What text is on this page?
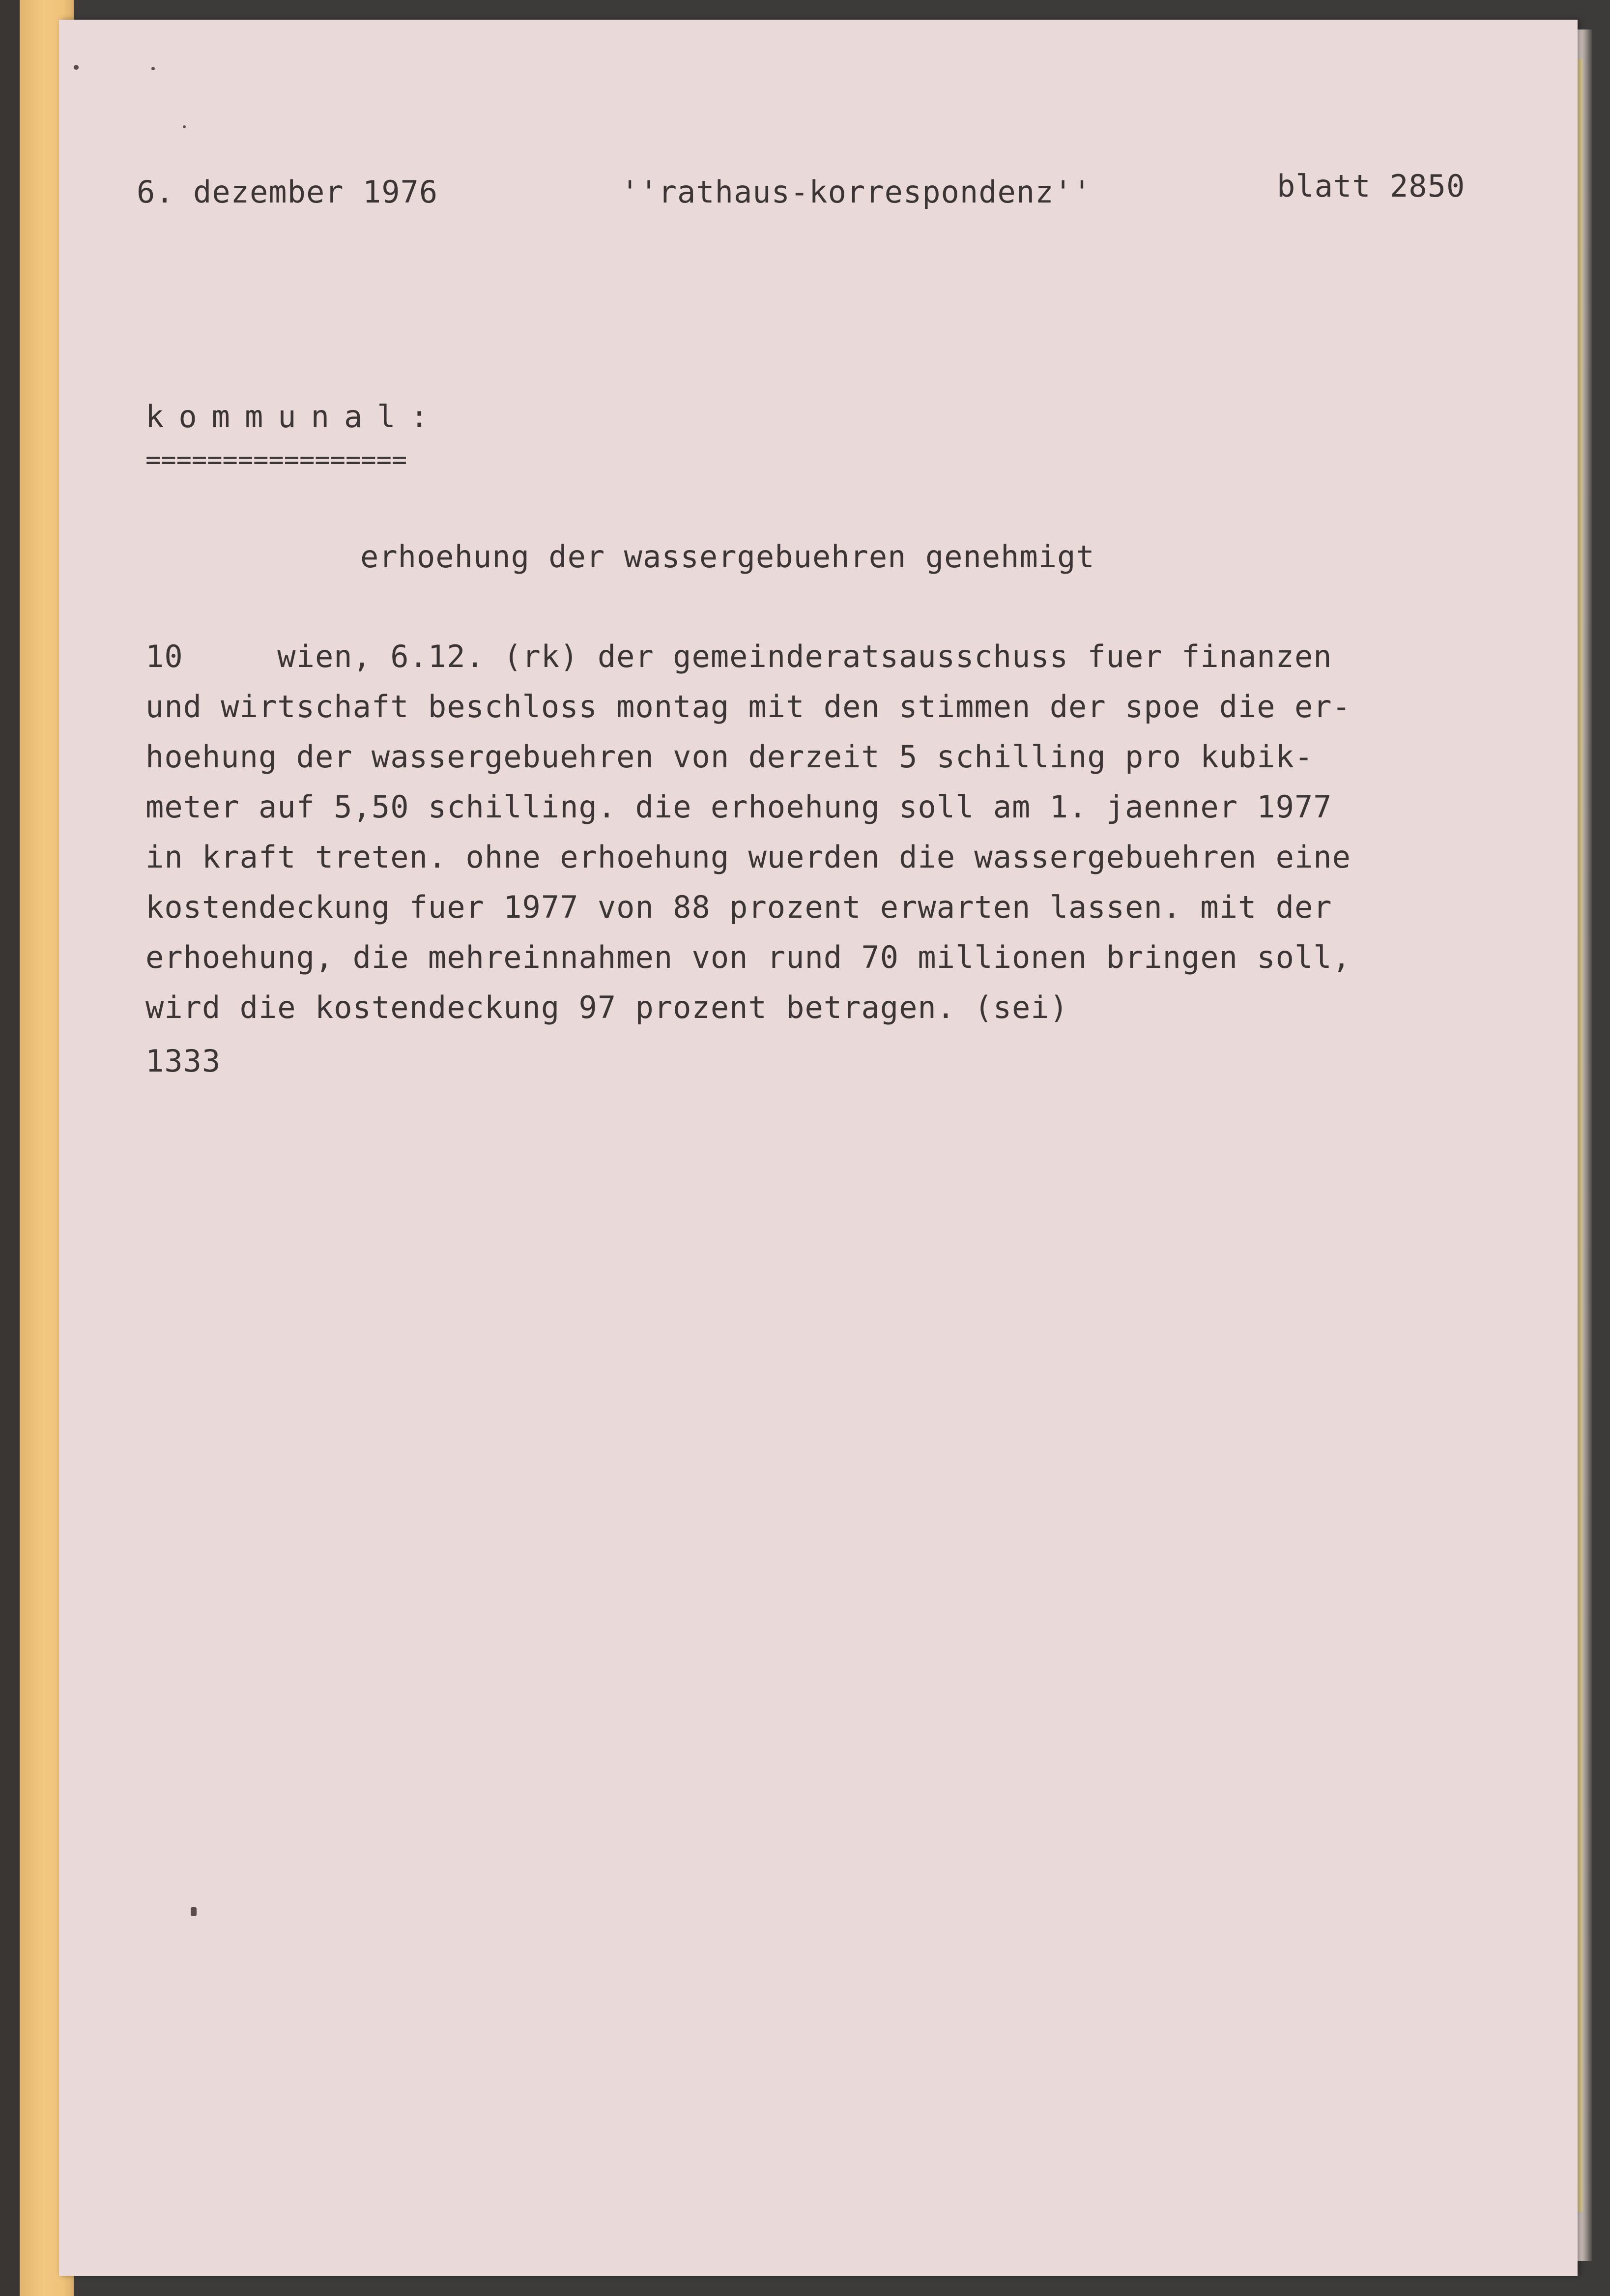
6. dezember 1976	''rathaus-korrespondenz''	blatt 2850

kommunal:

=================

erhoehung der wassergebuehren genehmigt

10     wien, 6.12. (rk) der gemeinderatsausschuss fuer finanzen

und wirtschaft beschloss montag mit den stimmen der spoe die er-

hoehung der wassergebuehren von derzeit 5 schilling pro kubik-

meter auf 5,50 schilling. die erhoehung soll am 1. jaenner 1977

in kraft treten. ohne erhoehung wuerden die wassergebuehren eine

kostendeckung fuer 1977 von 88 prozent erwarten lassen. mit der

erhoehung, die mehreinnahmen von rund 70 millionen bringen soll,

wird die kostendeckung 97 prozent betragen. (sei)

1333
